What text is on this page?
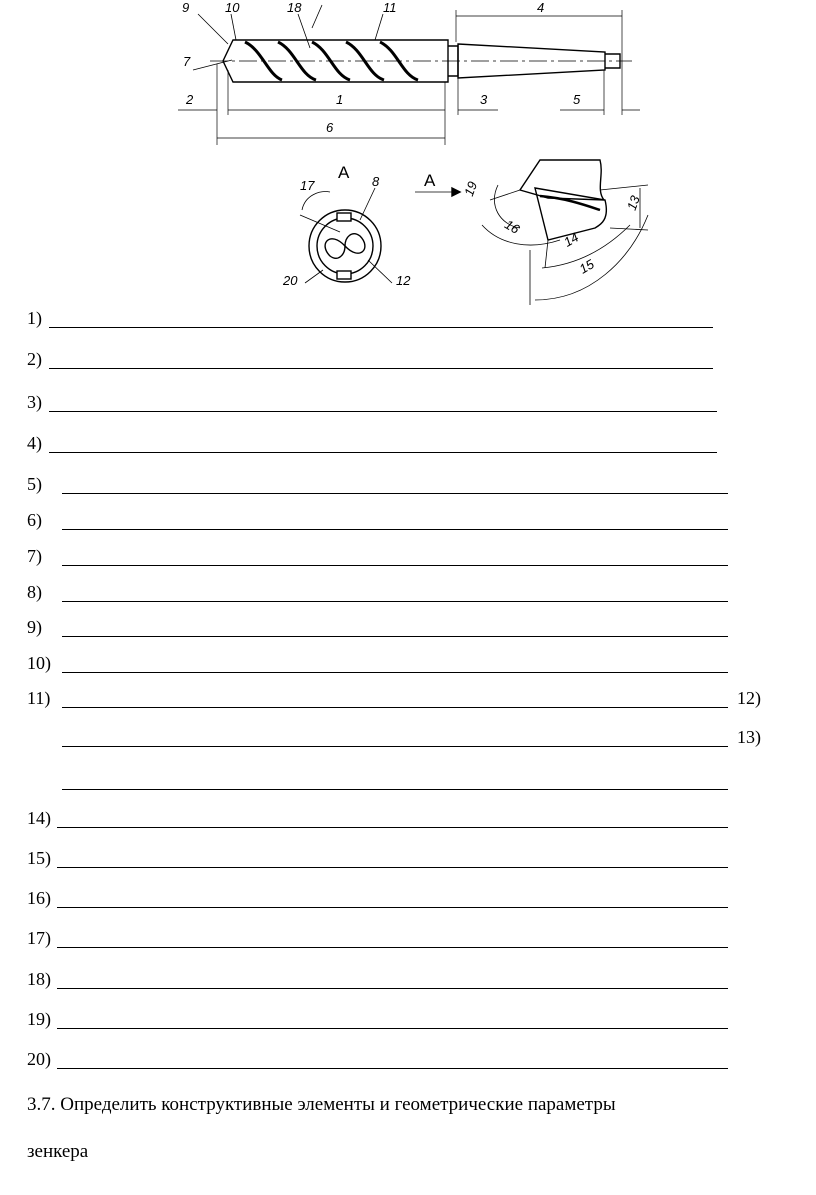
9	10	18	11
7
4
2	1	3	5
6
A
17	8
20	12
A 19
16
14
15
13
1)
2)
3)
4)
5)
6)
7)
8)
9)
10)
11)	12)
13)
14)
15)
16)
17)
18)
19)
20)
3.7. Определить конструктивные элементы и геометрические параметры
зенкера
